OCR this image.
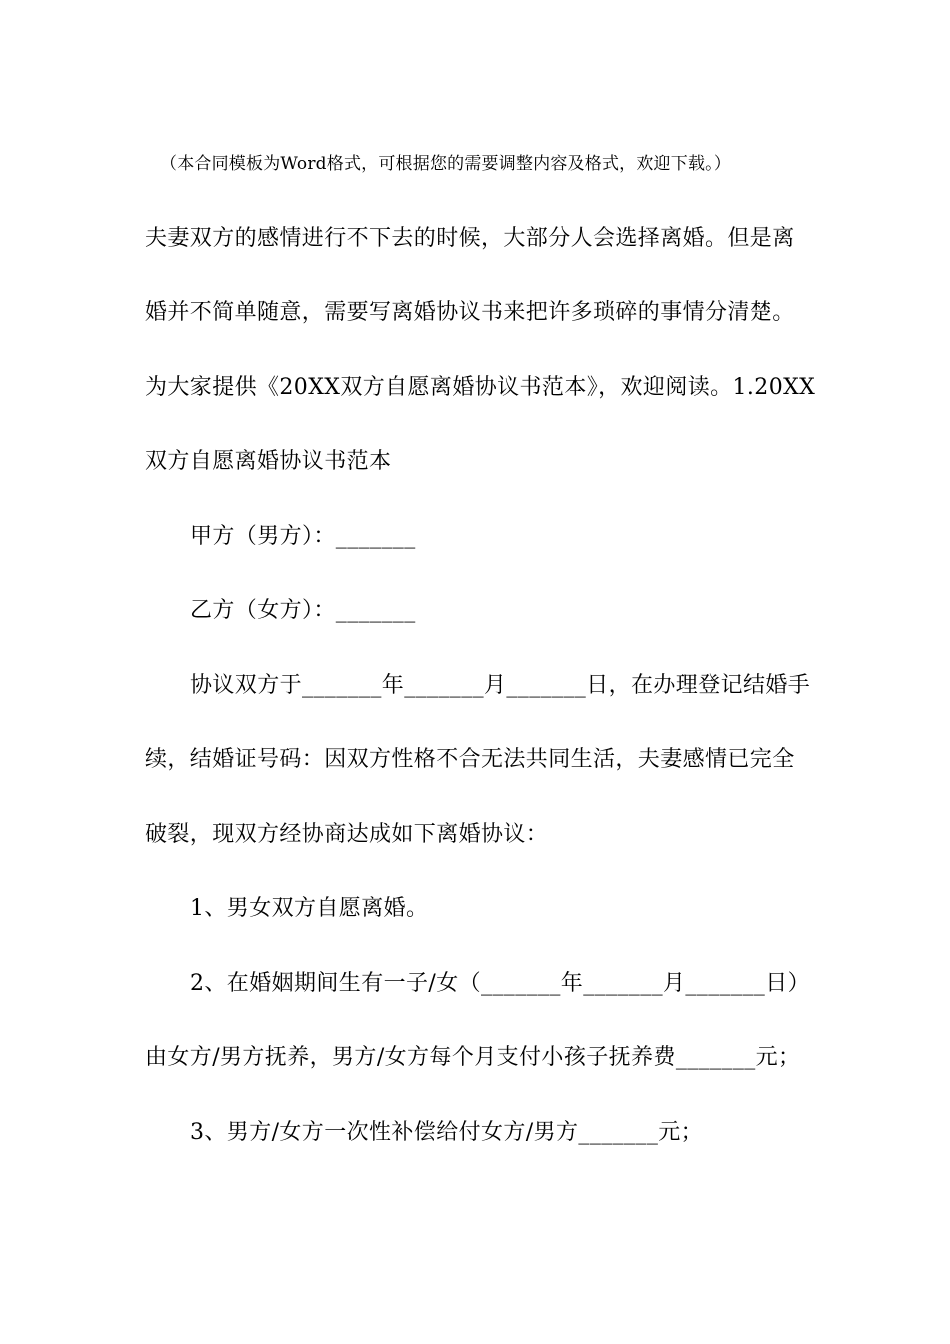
（本合同模板为Word格式，可根据您的需要调整内容及格式，欢迎下载。）
夫妻双方的感情进行不下去的时候，大部分人会选择离婚。但是离
婚并不简单随意，需要写离婚协议书来把许多琐碎的事情分清楚。
为大家提供《20XX双方自愿离婚协议书范本》，欢迎阅读。1.20XX
双方自愿离婚协议书范本
甲方（男方）：_______
乙方（女方）：_______
协议双方于_______年_______月_______日，在办理登记结婚手
续，结婚证号码：因双方性格不合无法共同生活，夫妻感情已完全
破裂，现双方经协商达成如下离婚协议：
1、男女双方自愿离婚。
2、在婚姻期间生有一子/女（_______年_______月_______日）
由女方/男方抚养，男方/女方每个月支付小孩子抚养费_______元；
3、男方/女方一次性补偿给付女方/男方_______元；
